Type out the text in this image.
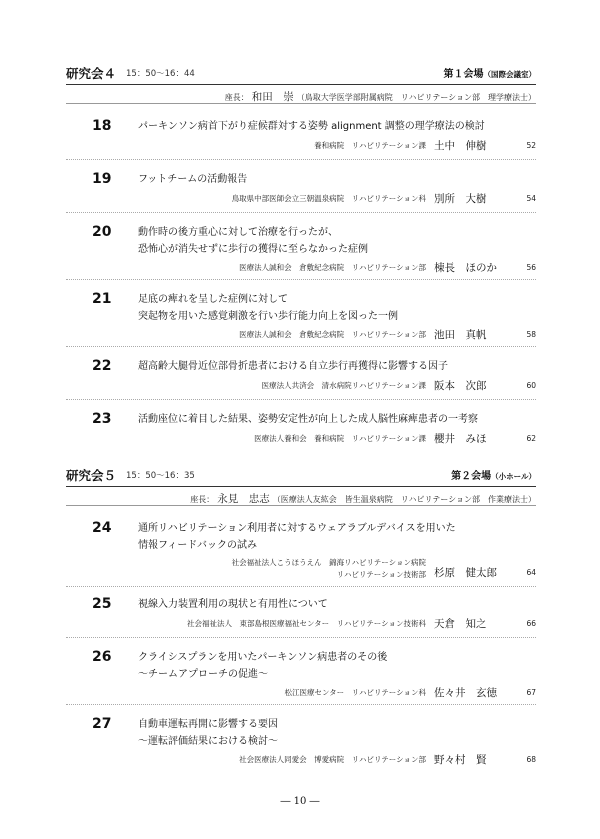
研究会４ 15：50～16：44	第１会場（国際会議室）
座長： 和田　崇 （鳥取大学医学部附属病院　リハビリテーション部　理学療法士）
18	パーキンソン病首下がり症候群対する姿勢 alignment 調整の理学療法の検討
養和病院　リハビリテーション課 土中　伸樹	52
19	フットチームの活動報告
鳥取県中部医師会立三朝温泉病院　リハビリテーション科 別所　大樹	54
20	動作時の後方重心に対して治療を行ったが、
恐怖心が消失せずに歩行の獲得に至らなかった症例
医療法人誠和会　倉敷紀念病院　リハビリテーション部 棟長　ほのか	56
21	足底の痺れを呈した症例に対して
突起物を用いた感覚刺激を行い歩行能力向上を図った一例
医療法人誠和会　倉敷紀念病院　リハビリテーション部 池田　真帆	58
22	超高齢大腿骨近位部骨折患者における自立歩行再獲得に影響する因子
医療法人共済会　清水病院リハビリテーション課 阪本　次郎	60
23	活動座位に着目した結果、姿勢安定性が向上した成人脳性麻痺患者の一考察
医療法人養和会　養和病院　リハビリテーション課 櫻井　みほ	62
研究会５ 15：50～16：35	第２会場（小ホール）
座長： 永見　忠志 （医療法人友紘会　皆生温泉病院　リハビリテーション部　作業療法士）
24	通所リハビリテーション利用者に対するウェアラブルデバイスを用いた
情報フィードバックの試み
社会福祉法人こうほうえん　錦海リハビリテーション病院
リハビリテーション技術部 杉原　健太郎	64
25	視線入力装置利用の現状と有用性について
社会福祉法人　東部島根医療福祉センター　リハビリテーション技術科 天倉　知之	66
26	クライシスプランを用いたパーキンソン病患者のその後
～チームアプローチの促進～
松江医療センター　リハビリテーション科 佐々井　玄徳	67
27	自動車運転再開に影響する要因
～運転評価結果における検討～
社会医療法人同愛会　博愛病院　リハビリテーション部 野々村　賢	68
― 10 ―
